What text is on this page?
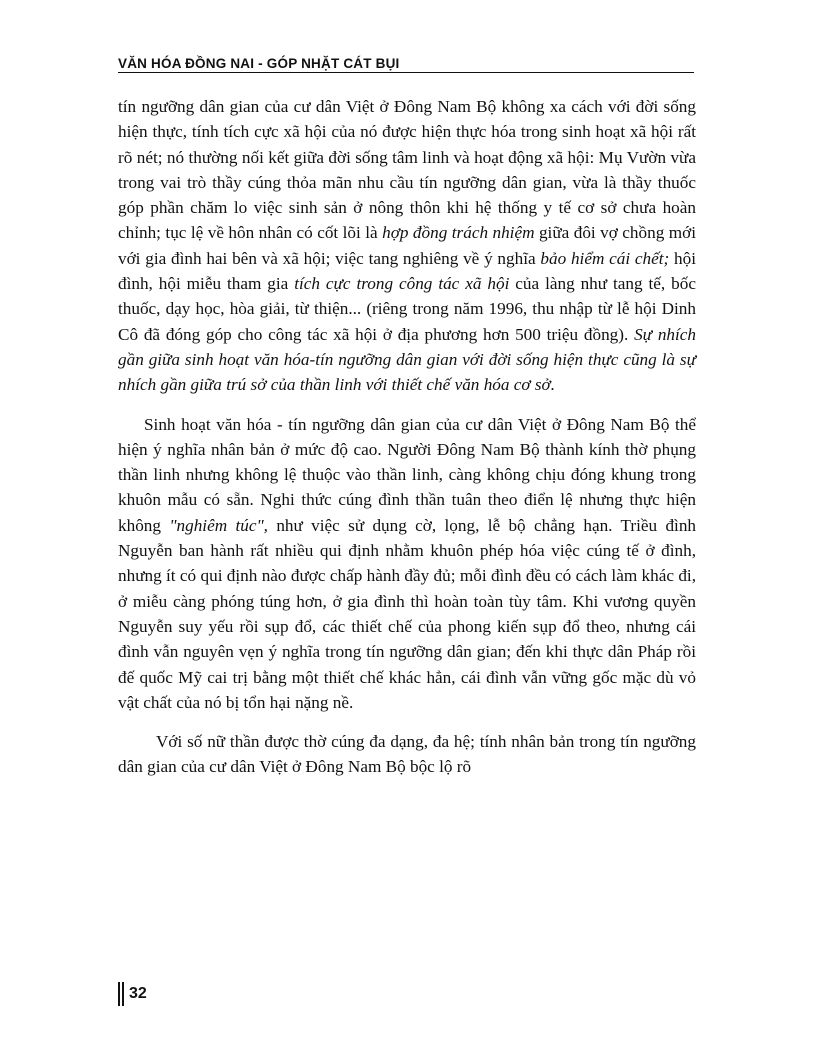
VĂN HÓA ĐỒNG NAI - GÓP NHẶT CÁT BỤI

tín ngưỡng dân gian của cư dân Việt ở Đông Nam Bộ không xa cách với đời sống hiện thực, tính tích cực xã hội của nó được hiện thực hóa trong sinh hoạt xã hội rất rõ nét; nó thường nối kết giữa đời sống tâm linh và hoạt động xã hội: Mụ Vườn vừa trong vai trò thầy cúng thỏa mãn nhu cầu tín ngưỡng dân gian, vừa là thầy thuốc góp phần chăm lo việc sinh sản ở nông thôn khi hệ thống y tế cơ sở chưa hoàn chỉnh; tục lệ về hôn nhân có cốt lõi là hợp đồng trách nhiệm giữa đôi vợ chồng mới với gia đình hai bên và xã hội; việc tang nghiêng về ý nghĩa bảo hiểm cái chết; hội đình, hội miễu tham gia tích cực trong công tác xã hội của làng như tang tế, bốc thuốc, dạy học, hòa giải, từ thiện... (riêng trong năm 1996, thu nhập từ lễ hội Dinh Cô đã đóng góp cho công tác xã hội ở địa phương hơn 500 triệu đồng). Sự nhích gần giữa sinh hoạt văn hóa-tín ngưỡng dân gian với đời sống hiện thực cũng là sự nhích gần giữa trú sở của thần linh với thiết chế văn hóa cơ sở.

Sinh hoạt văn hóa - tín ngưỡng dân gian của cư dân Việt ở Đông Nam Bộ thể hiện ý nghĩa nhân bản ở mức độ cao. Người Đông Nam Bộ thành kính thờ phụng thần linh nhưng không lệ thuộc vào thần linh, càng không chịu đóng khung trong khuôn mẫu có sẵn. Nghi thức cúng đình thần tuân theo điển lệ nhưng thực hiện không "nghiêm túc", như việc sử dụng cờ, lọng, lễ bộ chẳng hạn. Triều đình Nguyễn ban hành rất nhiều qui định nhằm khuôn phép hóa việc cúng tế ở đình, nhưng ít có qui định nào được chấp hành đầy đủ; mỗi đình đều có cách làm khác đi, ở miễu càng phóng túng hơn, ở gia đình thì hoàn toàn tùy tâm. Khi vương quyền Nguyễn suy yếu rồi sụp đổ, các thiết chế của phong kiến sụp đổ theo, nhưng cái đình vẫn nguyên vẹn ý nghĩa trong tín ngưỡng dân gian; đến khi thực dân Pháp rồi đế quốc Mỹ cai trị bằng một thiết chế khác hẳn, cái đình vẫn vững gốc mặc dù vỏ vật chất của nó bị tổn hại nặng nề.

Với số nữ thần được thờ cúng đa dạng, đa hệ; tính nhân bản trong tín ngưỡng dân gian của cư dân Việt ở Đông Nam Bộ bộc lộ rõ

32
